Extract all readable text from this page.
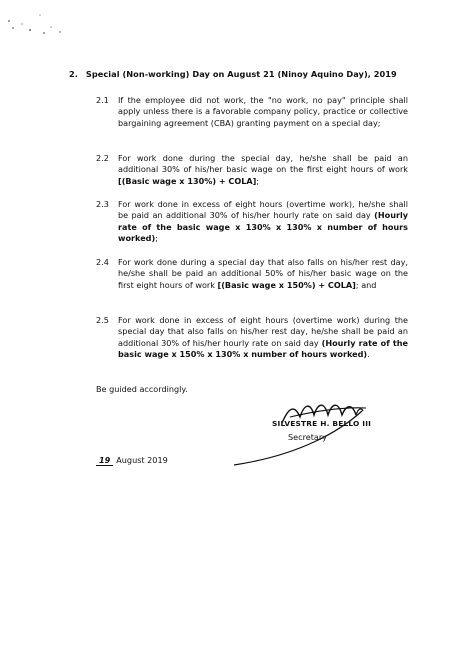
2. Special (Non-working) Day on August 21 (Ninoy Aquino Day), 2019
2.1	If the employee did not work, the "no work, no pay" principle shall apply unless there is a favorable company policy, practice or collective bargaining agreement (CBA) granting payment on a special day;
2.2	For work done during the special day, he/she shall be paid an additional 30% of his/her basic wage on the first eight hours of work [(Basic wage x 130%) + COLA];
2.3	For work done in excess of eight hours (overtime work), he/she shall be paid an additional 30% of his/her hourly rate on said day (Hourly rate of the basic wage x 130% x 130% x number of hours worked);
2.4	For work done during a special day that also falls on his/her rest day, he/she shall be paid an additional 50% of his/her basic wage on the first eight hours of work [(Basic wage x 150%) + COLA]; and
2.5	For work done in excess of eight hours (overtime work) during the special day that also falls on his/her rest day, he/she shall be paid an additional 30% of his/her hourly rate on said day (Hourly rate of the basic wage x 150% x 130% x number of hours worked).
Be guided accordingly.
SILVESTRE H. BELLO III
Secretary
19 August 2019
